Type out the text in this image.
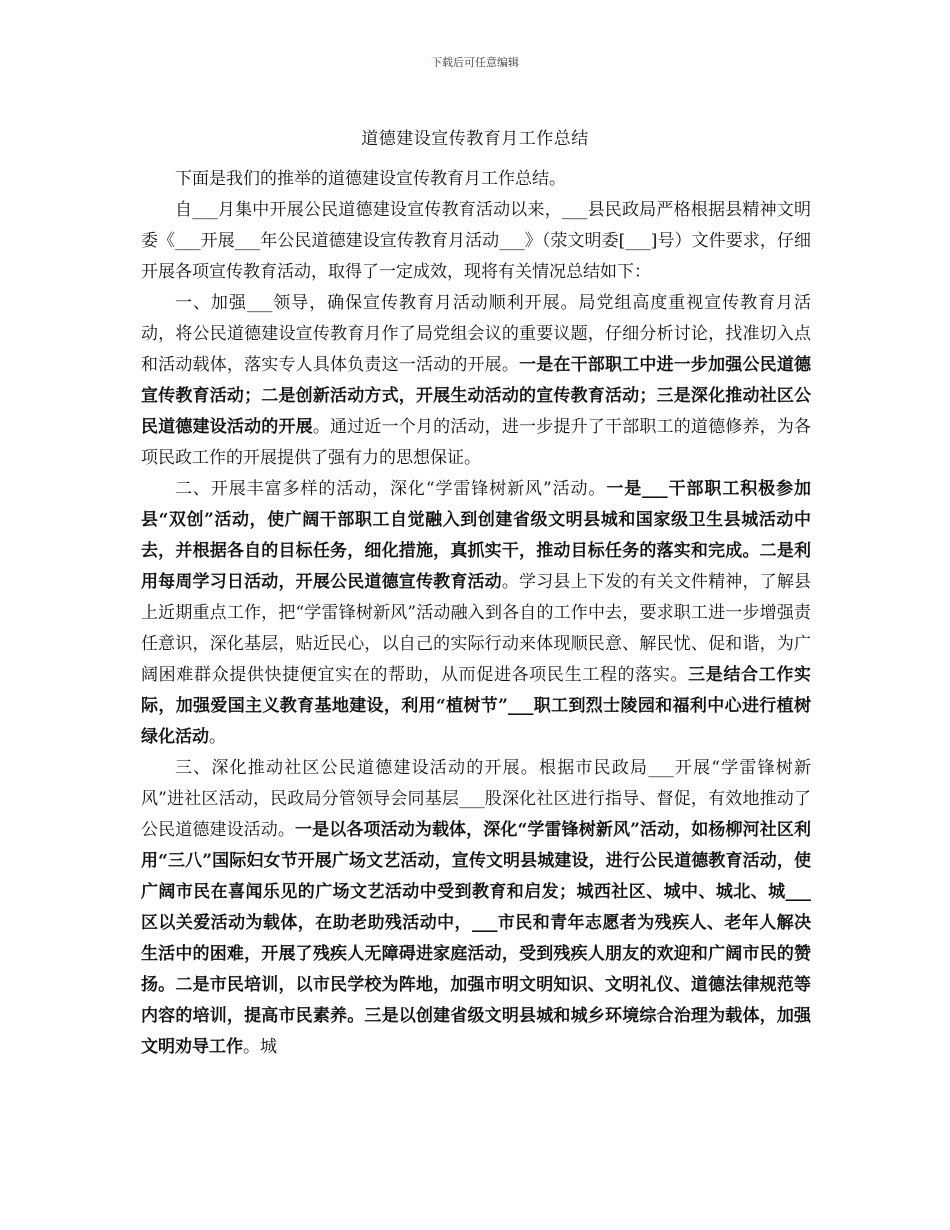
下载后可任意编辑
道德建设宣传教育月工作总结

下面是我们的推举的道德建设宣传教育月工作总结。

自___月集中开展公民道德建设宣传教育活动以来，___县民政局严格根据县精神文明委《___开展___年公民道德建设宣传教育月活动___》（荥文明委[___]号）文件要求，仔细开展各项宣传教育活动，取得了一定成效，现将有关情况总结如下：

一、加强___领导，确保宣传教育月活动顺利开展。局党组高度重视宣传教育月活动，将公民道德建设宣传教育月作了局党组会议的重要议题，仔细分析讨论，找准切入点和活动载体，落实专人具体负责这一活动的开展。一是在干部职工中进一步加强公民道德宣传教育活动；二是创新活动方式，开展生动活动的宣传教育活动；三是深化推动社区公民道德建设活动的开展。通过近一个月的活动，进一步提升了干部职工的道德修养，为各项民政工作的开展提供了强有力的思想保证。

二、开展丰富多样的活动，深化“学雷锋树新风”活动。一是___干部职工积极参加县“双创”活动，使广阔干部职工自觉融入到创建省级文明县城和国家级卫生县城活动中去，并根据各自的目标任务，细化措施，真抓实干，推动目标任务的落实和完成。二是利用每周学习日活动，开展公民道德宣传教育活动。学习县上下发的有关文件精神，了解县上近期重点工作，把“学雷锋树新风”活动融入到各自的工作中去，要求职工进一步增强责任意识，深化基层，贴近民心，以自己的实际行动来体现顺民意、解民忧、促和谐，为广阔困难群众提供快捷便宜实在的帮助，从而促进各项民生工程的落实。三是结合工作实际，加强爱国主义教育基地建设，利用“植树节”___职工到烈士陵园和福利中心进行植树绿化活动。

三、深化推动社区公民道德建设活动的开展。根据市民政局___开展“学雷锋树新风”进社区活动，民政局分管领导会同基层___股深化社区进行指导、督促，有效地推动了公民道德建设活动。一是以各项活动为载体，深化“学雷锋树新风”活动，如杨柳河社区利用“三八”国际妇女节开展广场文艺活动，宣传文明县城建设，进行公民道德教育活动，使广阔市民在喜闻乐见的广场文艺活动中受到教育和启发；城西社区、城中、城北、城___区以关爱活动为载体，在助老助残活动中，___市民和青年志愿者为残疾人、老年人解决生活中的困难，开展了残疾人无障碍进家庭活动，受到残疾人朋友的欢迎和广阔市民的赞扬。二是市民培训，以市民学校为阵地，加强市明文明知识、文明礼仪、道德法律规范等内容的培训，提高市民素养。三是以创建省级文明县城和城乡环境综合治理为载体，加强文明劝导工作。城
